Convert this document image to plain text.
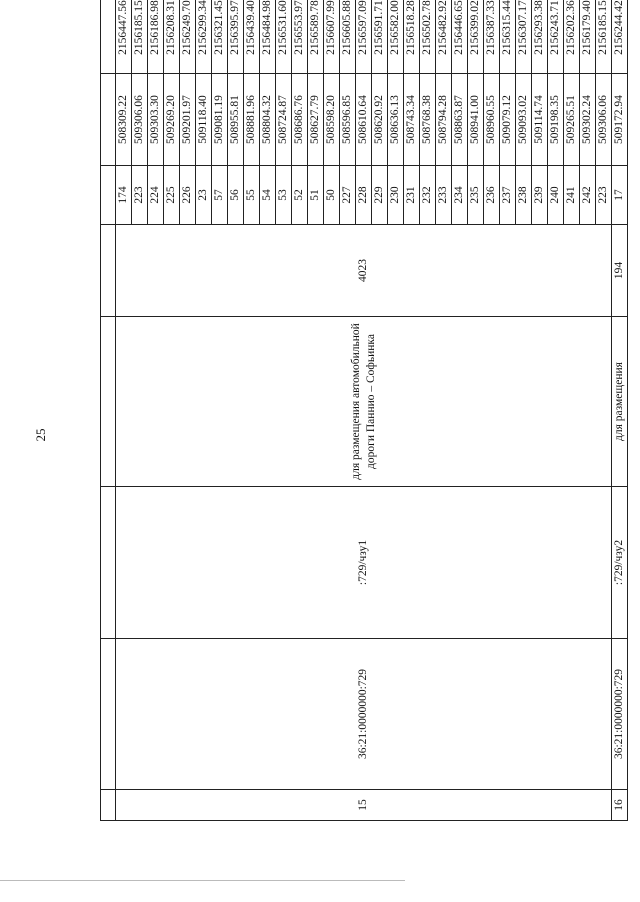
25

15	36:21:0000000:729	:729/чзу1	для размещения автомобильной дороги Паннио – Софьинка	4023	174	508309.22	2156447.56
					223	509306.06	2156185.15
					224	509303.30	2156186.98
					225	509269.20	2156208.31
					226	509201.97	2156249.70
					23	509118.40	2156299.34
					57	509081.19	2156321.45
					56	508955.81	2156395.97
					55	508881.96	2156439.40
					54	508804.32	2156484.98
					53	508724.87	2156531.60
					52	508686.76	2156553.97
					51	508627.79	2156589.78
					50	508598.20	2156607.99
					227	508596.85	2156605.88
					228	508610.64	2156597.09
					229	508620.92	2156591.71
					230	508636.13	2156582.00
					231	508743.34	2156518.28
					232	508768.38	2156502.78
					233	508794.28	2156482.92
					234	508863.87	2156446.65
					235	508941.00	2156399.02
					236	508960.55	2156387.33
					237	509079.12	2156315.44
					238	509093.02	2156307.17
					239	509114.74	2156293.38
					240	509198.35	2156243.71
					241	509265.51	2156202.36
					242	509302.24	2156179.40
					223	509306.06	2156185.15
16	36:21:0000000:729	:729/чзу2	для размещения	194	17	509172.94	2156244.42
